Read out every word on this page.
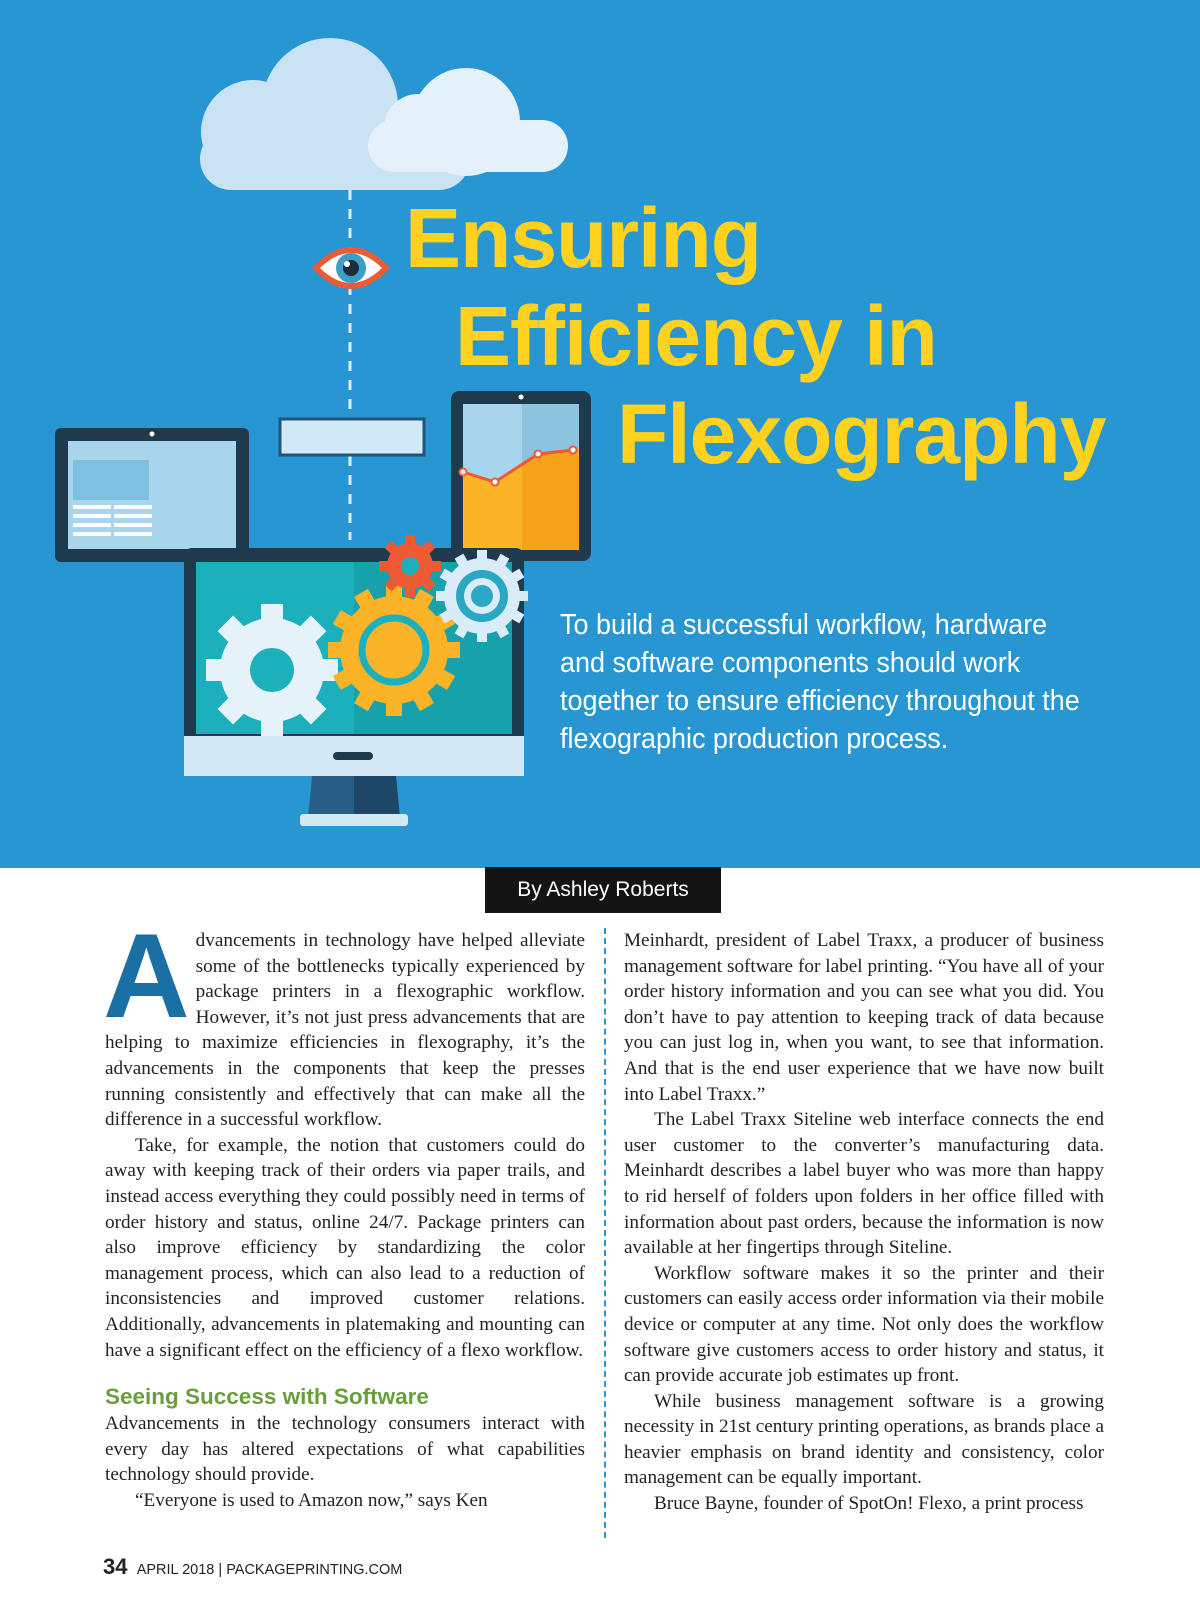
Ensuring
Efficiency in
Flexography

To build a successful workflow, hardware and software components should work together to ensure efficiency throughout the flexographic production process.

By Ashley Roberts

Advancements in technology have helped alleviate some of the bottlenecks typically experienced by package printers in a flexographic workflow. However, it’s not just press advancements that are helping to maximize efficiencies in flexography, it’s the advancements in the components that keep the presses running consistently and effectively that can make all the difference in a successful workflow.

Take, for example, the notion that customers could do away with keeping track of their orders via paper trails, and instead access everything they could possibly need in terms of order history and status, online 24/7. Package printers can also improve efficiency by standardizing the color management process, which can also lead to a reduction of inconsistencies and improved customer relations. Additionally, advancements in platemaking and mounting can have a significant effect on the efficiency of a flexo workflow.

Seeing Success with Software

Advancements in the technology consumers interact with every day has altered expectations of what capabilities technology should provide.

“Everyone is used to Amazon now,” says Ken

Meinhardt, president of Label Traxx, a producer of business management software for label printing. “You have all of your order history information and you can see what you did. You don’t have to pay attention to keeping track of data because you can just log in, when you want, to see that information. And that is the end user experience that we have now built into Label Traxx.”

The Label Traxx Siteline web interface connects the end user customer to the converter’s manufacturing data. Meinhardt describes a label buyer who was more than happy to rid herself of folders upon folders in her office filled with information about past orders, because the information is now available at her fingertips through Siteline.

Workflow software makes it so the printer and their customers can easily access order information via their mobile device or computer at any time. Not only does the workflow software give customers access to order history and status, it can provide accurate job estimates up front.

While business management software is a growing necessity in 21st century printing operations, as brands place a heavier emphasis on brand identity and consistency, color management can be equally important.

Bruce Bayne, founder of SpotOn! Flexo, a print process

34 APRIL 2018 | PACKAGEPRINTING.COM
